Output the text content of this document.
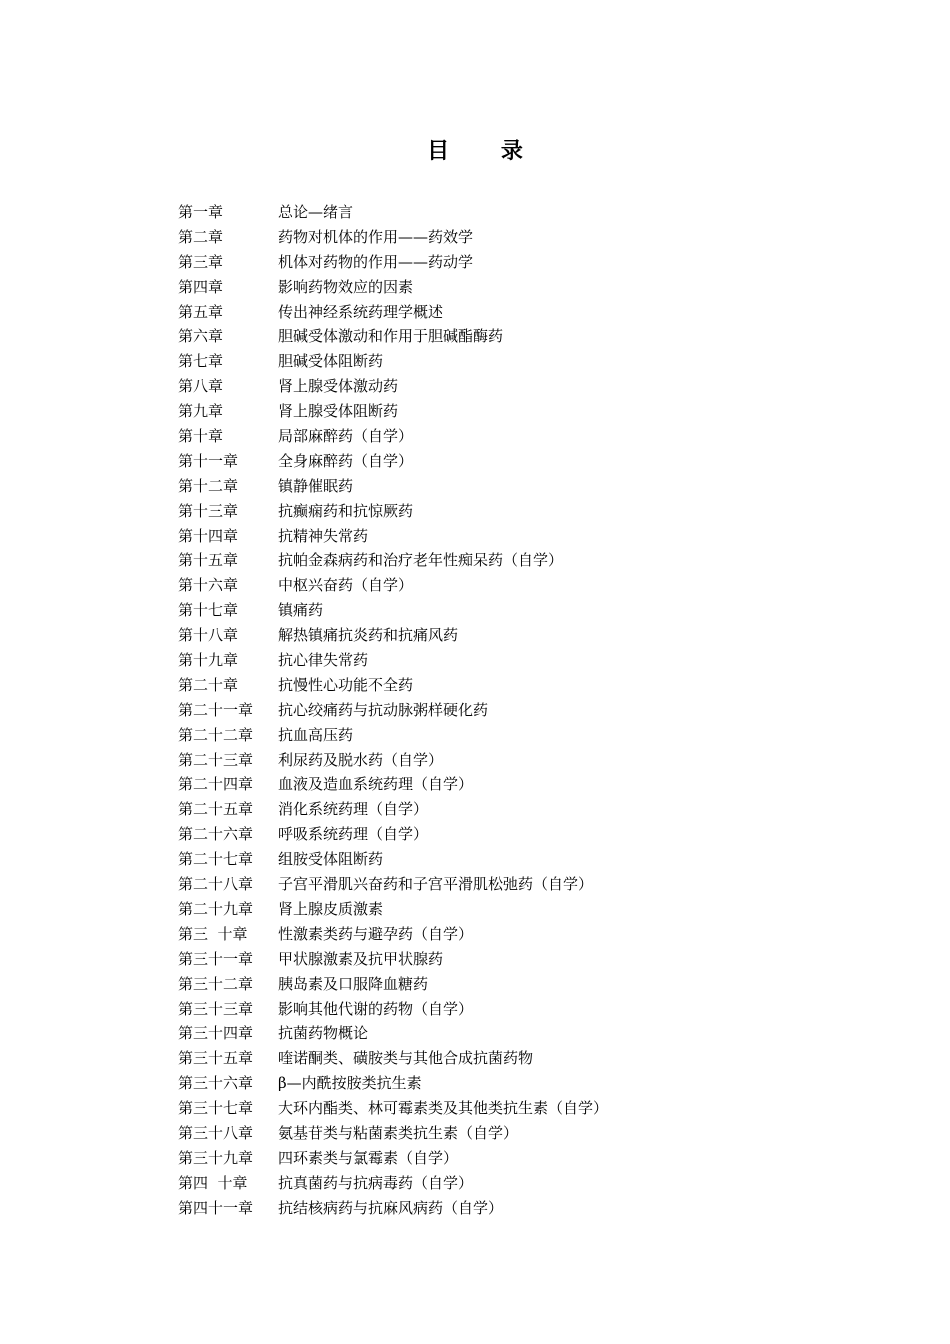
目 录
第一章	总论—绪言
第二章	药物对机体的作用——药效学
第三章	机体对药物的作用——药动学
第四章	影响药物效应的因素
第五章	传出神经系统药理学概述
第六章	胆碱受体激动和作用于胆碱酯酶药
第七章	胆碱受体阻断药
第八章	肾上腺受体激动药
第九章	肾上腺受体阻断药
第十章	局部麻醉药（自学）
第十一章	全身麻醉药（自学）
第十二章	镇静催眠药
第十三章	抗癫痫药和抗惊厥药
第十四章	抗精神失常药
第十五章	抗帕金森病药和治疗老年性痴呆药（自学）
第十六章	中枢兴奋药（自学）
第十七章	镇痛药
第十八章	解热镇痛抗炎药和抗痛风药
第十九章	抗心律失常药
第二十章	抗慢性心功能不全药
第二十一章	抗心绞痛药与抗动脉粥样硬化药
第二十二章	抗血高压药
第二十三章	利尿药及脱水药（自学）
第二十四章	血液及造血系统药理（自学）
第二十五章	消化系统药理（自学）
第二十六章	呼吸系统药理（自学）
第二十七章	组胺受体阻断药
第二十八章	子宫平滑肌兴奋药和子宫平滑肌松弛药（自学）
第二十九章	肾上腺皮质激素
第三  十章	性激素类药与避孕药（自学）
第三十一章	甲状腺激素及抗甲状腺药
第三十二章	胰岛素及口服降血糖药
第三十三章	影响其他代谢的药物（自学）
第三十四章	抗菌药物概论
第三十五章	喹诺酮类、磺胺类与其他合成抗菌药物
第三十六章	β—内酰按胺类抗生素
第三十七章	大环内酯类、林可霉素类及其他类抗生素（自学）
第三十八章	氨基苷类与粘菌素类抗生素（自学）
第三十九章	四环素类与氯霉素（自学）
第四  十章	抗真菌药与抗病毒药（自学）
第四十一章	抗结核病药与抗麻风病药（自学）
